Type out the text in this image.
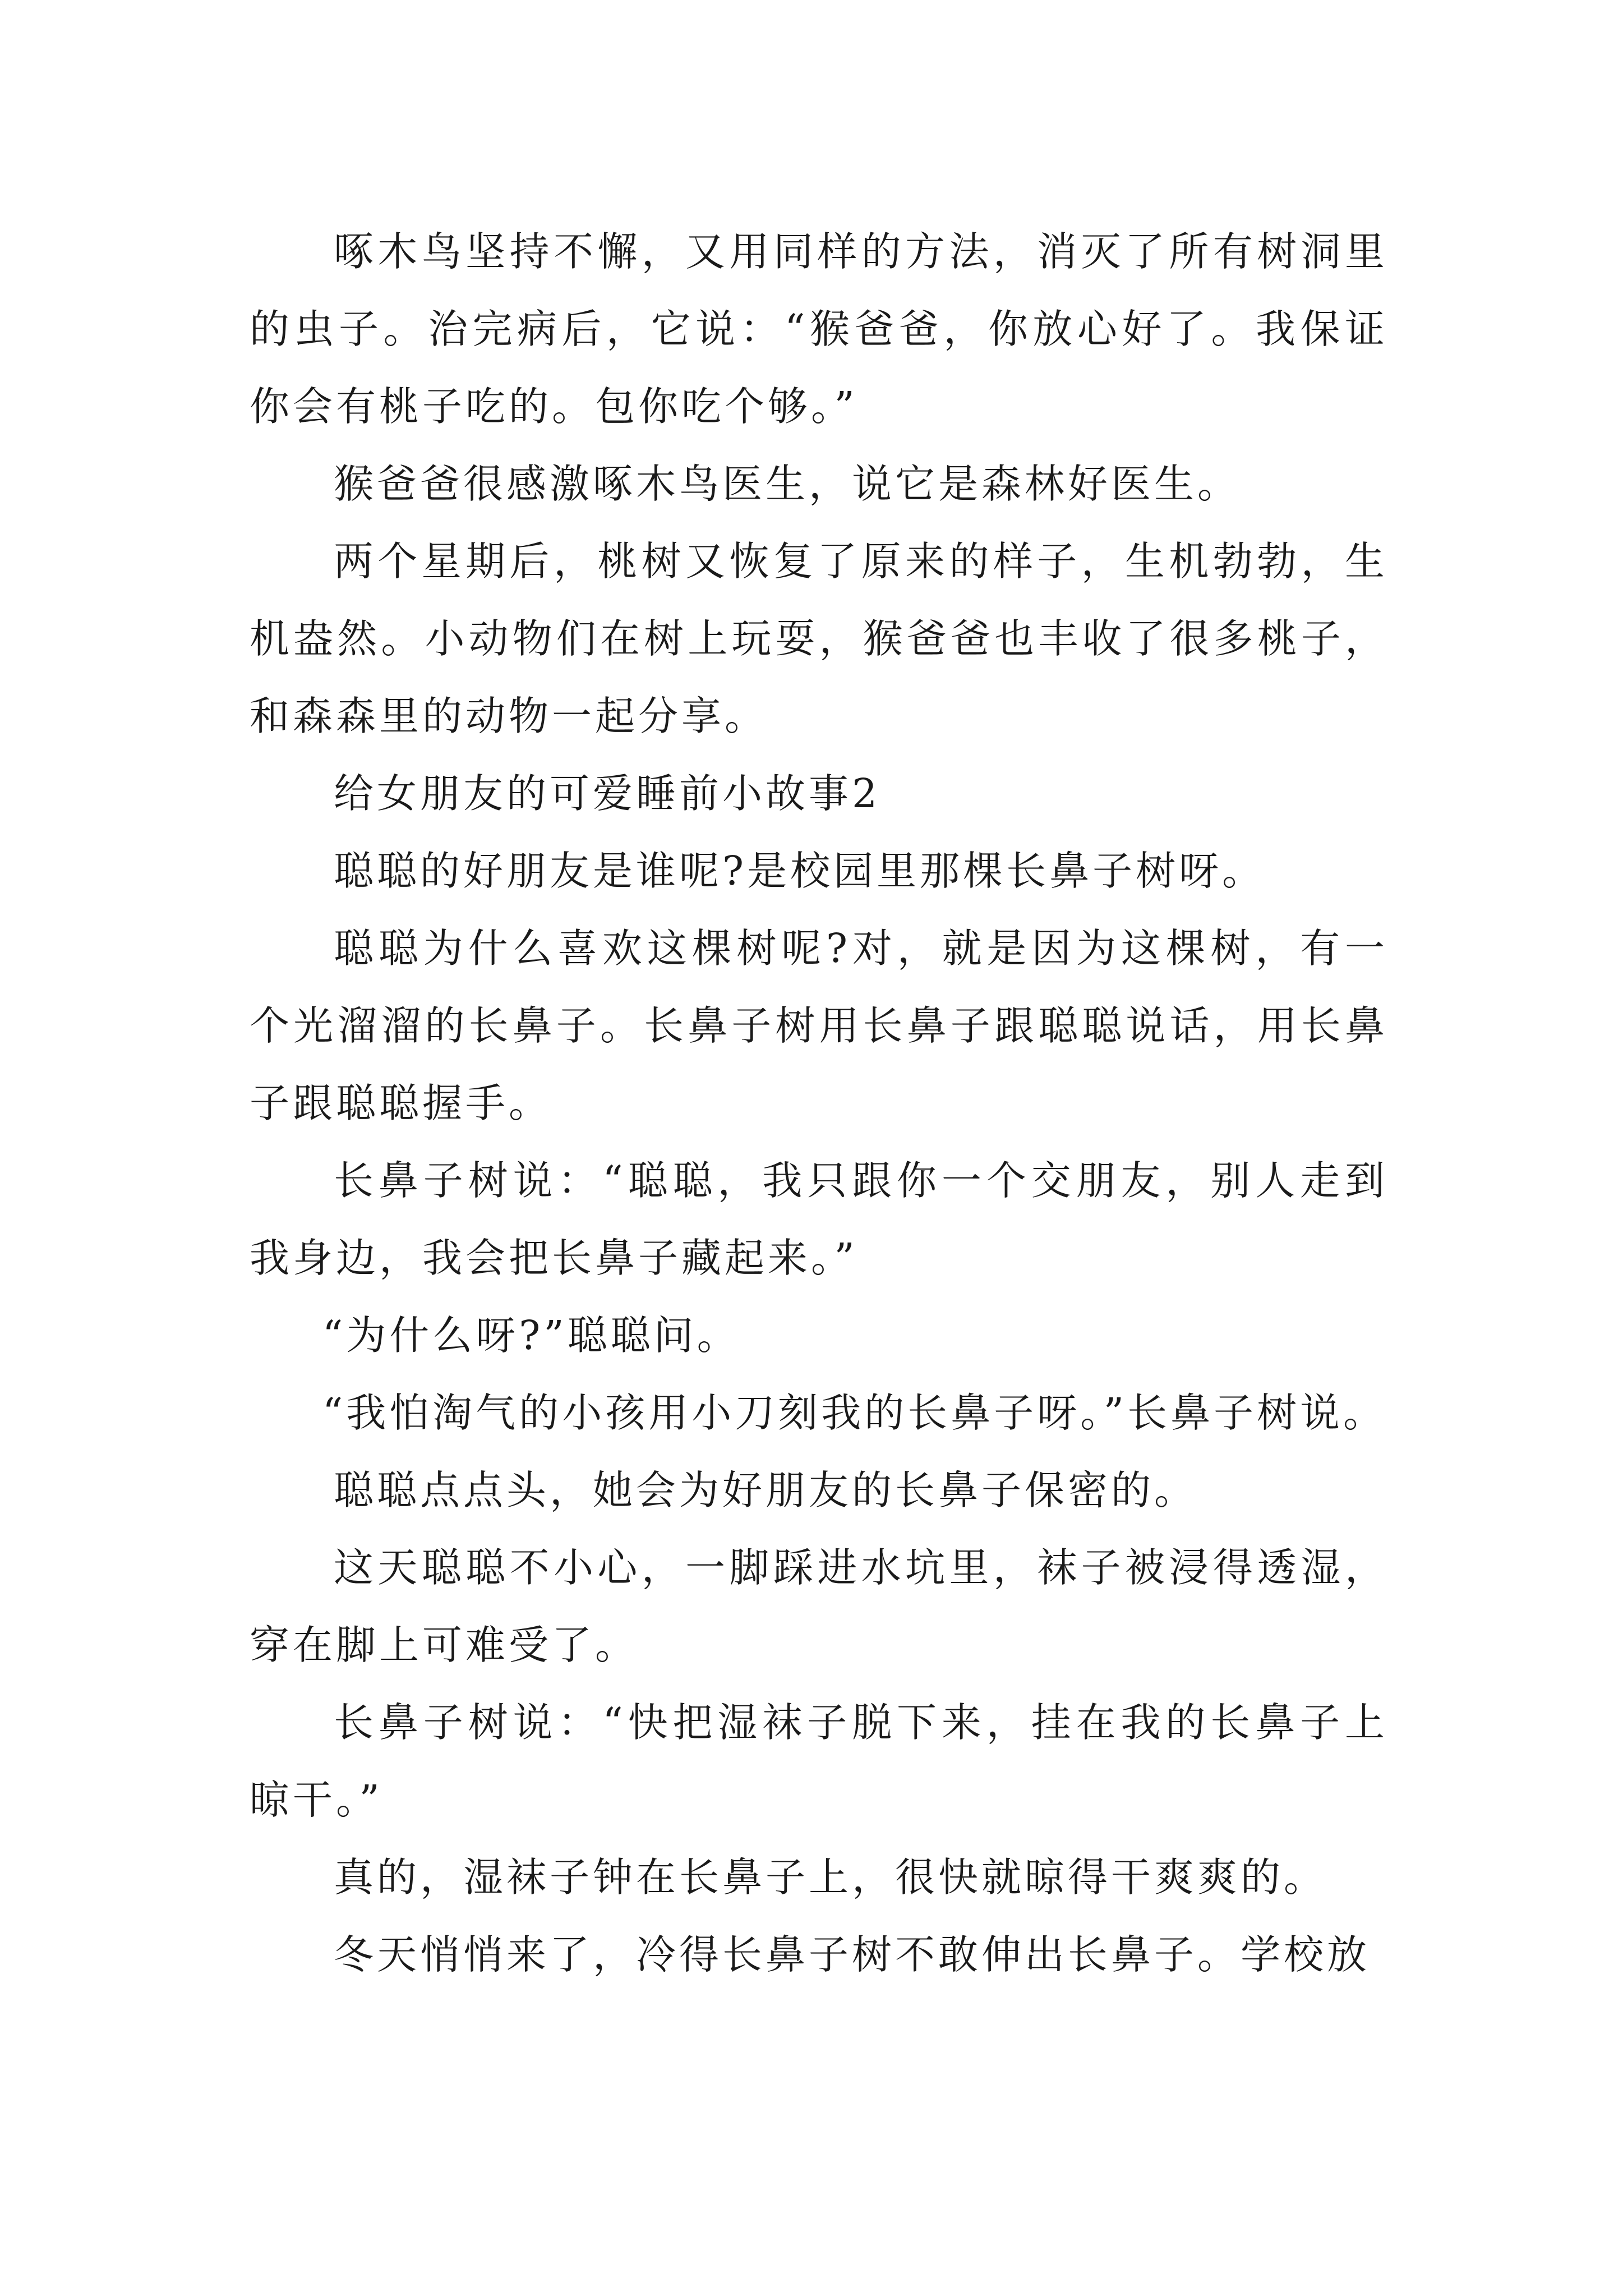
啄木鸟坚持不懈，又用同样的方法，消灭了所有树洞里的虫子。治完病后，它说：“猴爸爸，你放心好了。我保证你会有桃子吃的。包你吃个够。”

猴爸爸很感激啄木鸟医生，说它是森林好医生。

两个星期后，桃树又恢复了原来的样子，生机勃勃，生机盎然。小动物们在树上玩耍，猴爸爸也丰收了很多桃子，和森森里的动物一起分享。

给女朋友的可爱睡前小故事2

聪聪的好朋友是谁呢?是校园里那棵长鼻子树呀。

聪聪为什么喜欢这棵树呢?对，就是因为这棵树，有一个光溜溜的长鼻子。长鼻子树用长鼻子跟聪聪说话，用长鼻子跟聪聪握手。

长鼻子树说：“聪聪，我只跟你一个交朋友，别人走到我身边，我会把长鼻子藏起来。”

“为什么呀?”聪聪问。

“我怕淘气的小孩用小刀刻我的长鼻子呀。”长鼻子树说。

聪聪点点头，她会为好朋友的长鼻子保密的。

这天聪聪不小心，一脚踩进水坑里，袜子被浸得透湿，穿在脚上可难受了。

长鼻子树说：“快把湿袜子脱下来，挂在我的长鼻子上晾干。”

真的，湿袜子钟在长鼻子上，很快就晾得干爽爽的。

冬天悄悄来了，冷得长鼻子树不敢伸出长鼻子。学校放
